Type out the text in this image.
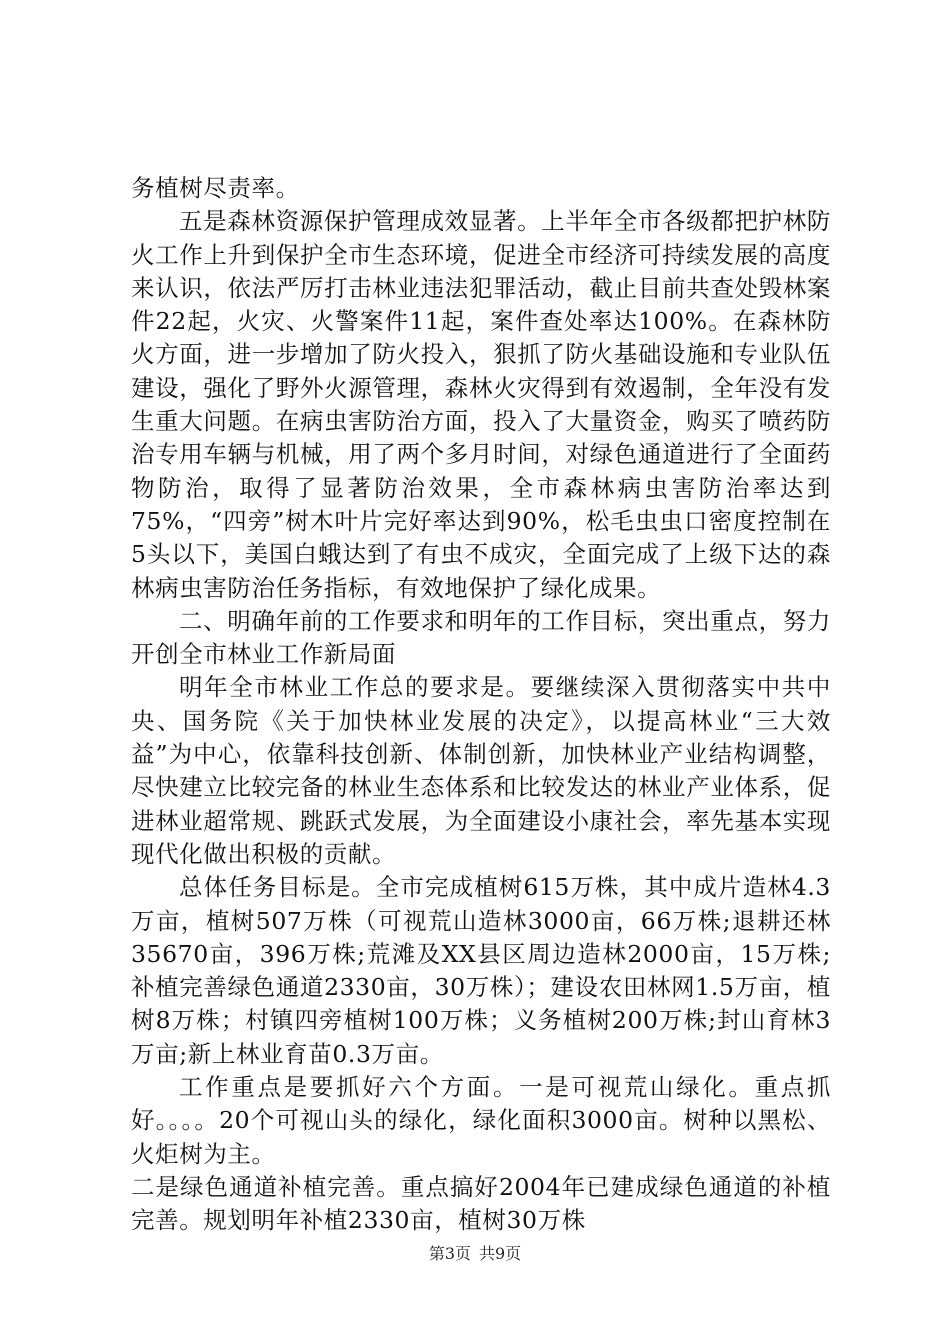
务植树尽责率。

五是森林资源保护管理成效显著。上半年全市各级都把护林防火工作上升到保护全市生态环境，促进全市经济可持续发展的高度来认识，依法严厉打击林业违法犯罪活动，截止目前共查处毁林案件22起，火灾、火警案件11起，案件查处率达100%。在森林防火方面，进一步增加了防火投入，狠抓了防火基础设施和专业队伍建设，强化了野外火源管理，森林火灾得到有效遏制，全年没有发生重大问题。在病虫害防治方面，投入了大量资金，购买了喷药防治专用车辆与机械，用了两个多月时间，对绿色通道进行了全面药物防治，取得了显著防治效果，全市森林病虫害防治率达到75%，“四旁”树木叶片完好率达到90%，松毛虫虫口密度控制在5头以下，美国白蛾达到了有虫不成灾，全面完成了上级下达的森林病虫害防治任务指标，有效地保护了绿化成果。

二、明确年前的工作要求和明年的工作目标，突出重点，努力开创全市林业工作新局面

明年全市林业工作总的要求是。要继续深入贯彻落实中共中央、国务院《关于加快林业发展的决定》，以提高林业“三大效益”为中心，依靠科技创新、体制创新，加快林业产业结构调整，尽快建立比较完备的林业生态体系和比较发达的林业产业体系，促进林业超常规、跳跃式发展，为全面建设小康社会，率先基本实现现代化做出积极的贡献。

总体任务目标是。全市完成植树615万株，其中成片造林4.3万亩，植树507万株（可视荒山造林3000亩，66万株;退耕还林35670亩，396万株;荒滩及XX县区周边造林2000亩，15万株;补植完善绿色通道2330亩，30万株）；建设农田林网1.5万亩，植树8万株；村镇四旁植树100万株；义务植树200万株;封山育林3万亩;新上林业育苗0.3万亩。

工作重点是要抓好六个方面。一是可视荒山绿化。重点抓好。。。。20个可视山头的绿化，绿化面积3000亩。树种以黑松、火炬树为主。

二是绿色通道补植完善。重点搞好2004年已建成绿色通道的补植完善。规划明年补植2330亩，植树30万株

第3页 共9页
